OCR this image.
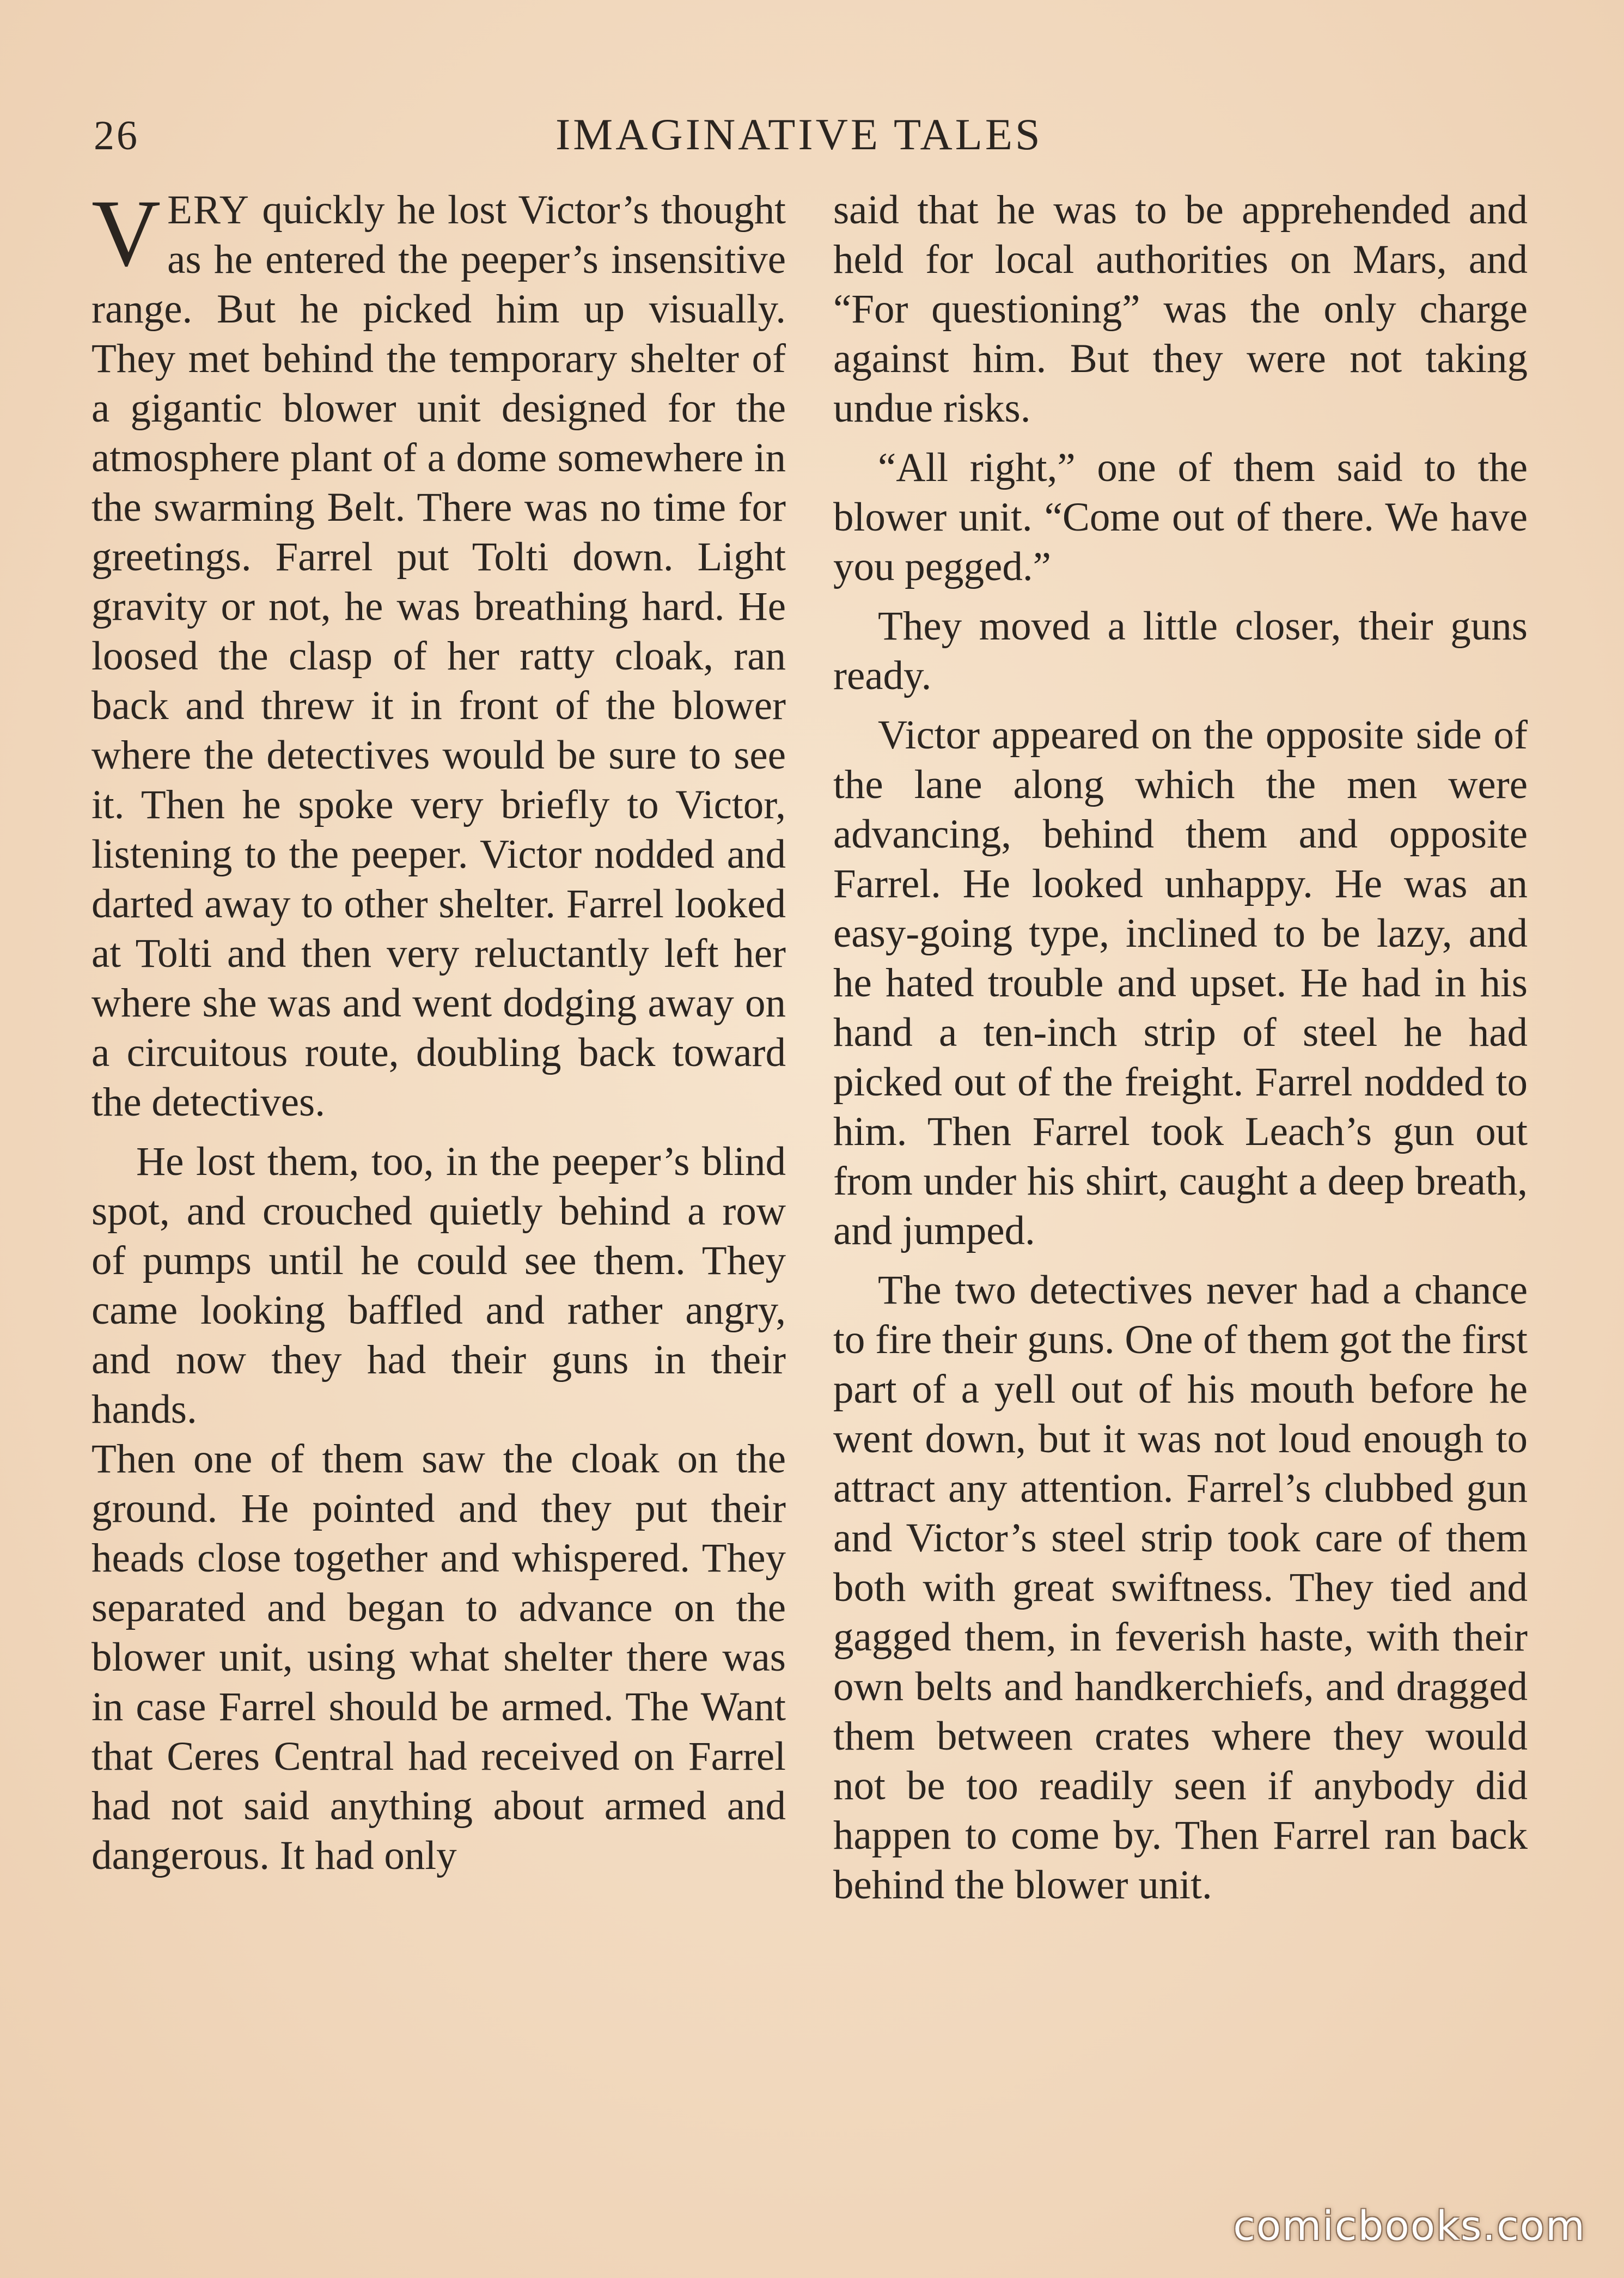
26	IMAGINATIVE TALES

VERY quickly he lost Victor’s thought as he entered the peeper’s insensitive range. But he picked him up visually. They met behind the temporary shelter of a gigantic blower unit designed for the atmosphere plant of a dome somewhere in the swarming Belt. There was no time for greetings. Farrel put Tolti down. Light gravity or not, he was breathing hard. He loosed the clasp of her ratty cloak, ran back and threw it in front of the blower where the detectives would be sure to see it. Then he spoke very briefly to Victor, listening to the peeper. Victor nodded and darted away to other shelter. Farrel looked at Tolti and then very reluctantly left her where she was and went dodging away on a circuitous route, doubling back toward the detectives.

He lost them, too, in the peeper’s blind spot, and crouched quietly behind a row of pumps until he could see them. They came looking baffled and rather angry, and now they had their guns in their hands.

Then one of them saw the cloak on the ground. He pointed and they put their heads close together and whispered. They separated and began to advance on the blower unit, using what shelter there was in case Farrel should be armed. The Want that Ceres Central had received on Farrel had not said anything about armed and dangerous. It had only

said that he was to be apprehended and held for local authorities on Mars, and “For questioning” was the only charge against him. But they were not taking undue risks.

“All right,” one of them said to the blower unit. “Come out of there. We have you pegged.”

They moved a little closer, their guns ready.

Victor appeared on the opposite side of the lane along which the men were advancing, behind them and opposite Farrel. He looked unhappy. He was an easy-going type, inclined to be lazy, and he hated trouble and upset. He had in his hand a ten-inch strip of steel he had picked out of the freight. Farrel nodded to him. Then Farrel took Leach’s gun out from under his shirt, caught a deep breath, and jumped.

The two detectives never had a chance to fire their guns. One of them got the first part of a yell out of his mouth before he went down, but it was not loud enough to attract any attention. Farrel’s clubbed gun and Victor’s steel strip took care of them both with great swiftness. They tied and gagged them, in feverish haste, with their own belts and handkerchiefs, and dragged them between crates where they would not be too readily seen if anybody did happen to come by. Then Farrel ran back behind the blower unit.

comicbooks.com
